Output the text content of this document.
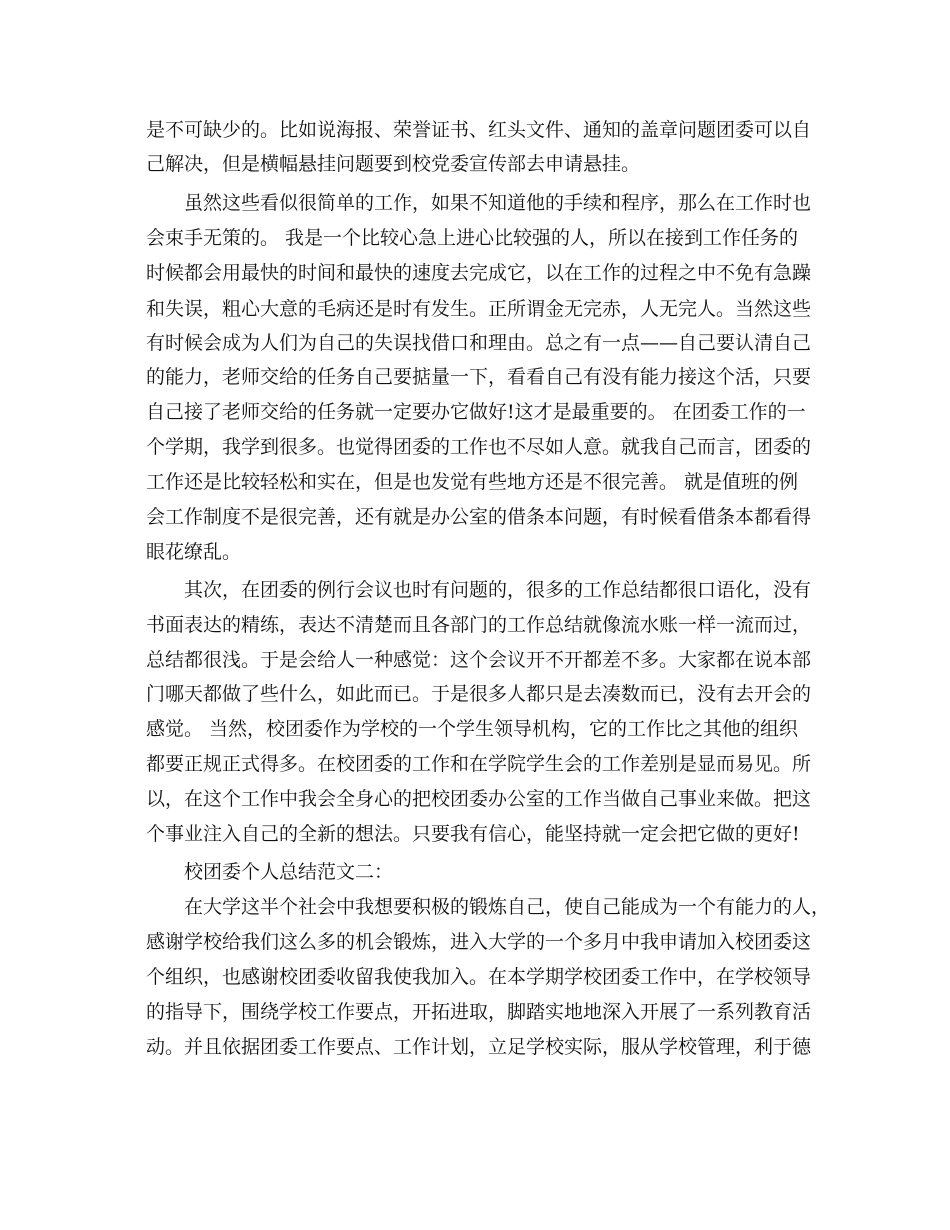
是不可缺少的。比如说海报、荣誉证书、红头文件、通知的盖章问题团委可以自
己解决，但是横幅悬挂问题要到校党委宣传部去申请悬挂。
虽然这些看似很简单的工作，如果不知道他的手续和程序，那么在工作时也
会束手无策的。 我是一个比较心急上进心比较强的人，所以在接到工作任务的
时候都会用最快的时间和最快的速度去完成它，以在工作的过程之中不免有急躁
和失误，粗心大意的毛病还是时有发生。正所谓金无完赤，人无完人。当然这些
有时候会成为人们为自己的失误找借口和理由。总之有一点——自己要认清自己
的能力，老师交给的任务自己要掂量一下，看看自己有没有能力接这个活，只要
自己接了老师交给的任务就一定要办它做好!这才是最重要的。 在团委工作的一
个学期，我学到很多。也觉得团委的工作也不尽如人意。就我自己而言，团委的
工作还是比较轻松和实在，但是也发觉有些地方还是不很完善。 就是值班的例
会工作制度不是很完善，还有就是办公室的借条本问题，有时候看借条本都看得
眼花缭乱。
其次，在团委的例行会议也时有问题的，很多的工作总结都很口语化，没有
书面表达的精练，表达不清楚而且各部门的工作总结就像流水账一样一流而过，
总结都很浅。于是会给人一种感觉：这个会议开不开都差不多。大家都在说本部
门哪天都做了些什么，如此而已。于是很多人都只是去凑数而已，没有去开会的
感觉。 当然，校团委作为学校的一个学生领导机构，它的工作比之其他的组织
都要正规正式得多。在校团委的工作和在学院学生会的工作差别是显而易见。所
以，在这个工作中我会全身心的把校团委办公室的工作当做自己事业来做。把这
个事业注入自己的全新的想法。只要我有信心，能坚持就一定会把它做的更好!
校团委个人总结范文二：
在大学这半个社会中我想要积极的锻炼自己，使自己能成为一个有能力的人，
感谢学校给我们这么多的机会锻炼，进入大学的一个多月中我申请加入校团委这
个组织，也感谢校团委收留我使我加入。在本学期学校团委工作中，在学校领导
的指导下，围绕学校工作要点，开拓进取，脚踏实地地深入开展了一系列教育活
动。并且依据团委工作要点、工作计划，立足学校实际，服从学校管理，利于德
